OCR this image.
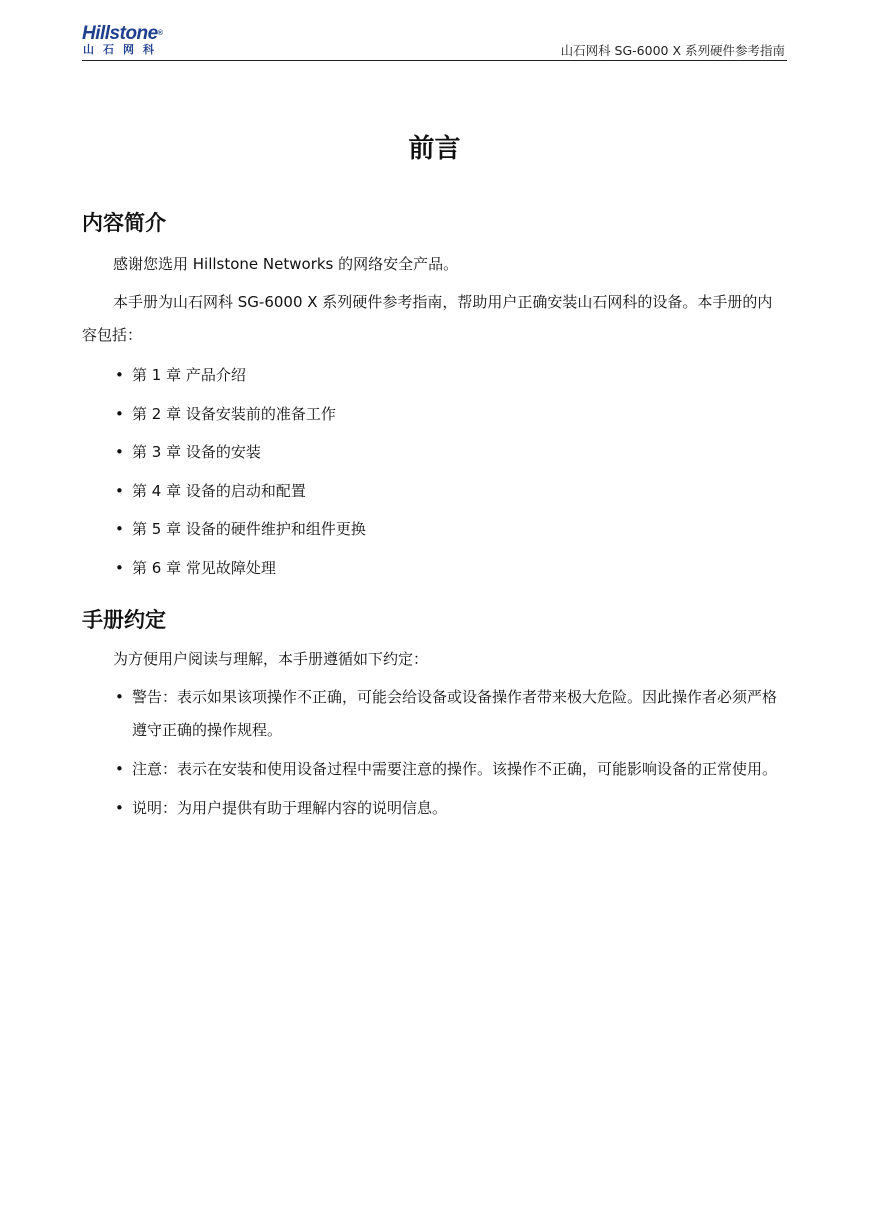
Hillstone®
山石网科	山石网科 SG-6000 X 系列硬件参考指南
前言
内容简介

感谢您选用 Hillstone Networks 的网络安全产品。

本手册为山石网科 SG-6000 X 系列硬件参考指南，帮助用户正确安装山石网科的设备。本手册的内容包括：

• 第 1 章 产品介绍
• 第 2 章 设备安装前的准备工作
• 第 3 章 设备的安装
• 第 4 章 设备的启动和配置
• 第 5 章 设备的硬件维护和组件更换
• 第 6 章 常见故障处理
手册约定

为方便用户阅读与理解，本手册遵循如下约定：

• 警告：表示如果该项操作不正确，可能会给设备或设备操作者带来极大危险。因此操作者必须严格遵守正确的操作规程。
• 注意：表示在安装和使用设备过程中需要注意的操作。该操作不正确，可能影响设备的正常使用。
• 说明：为用户提供有助于理解内容的说明信息。
